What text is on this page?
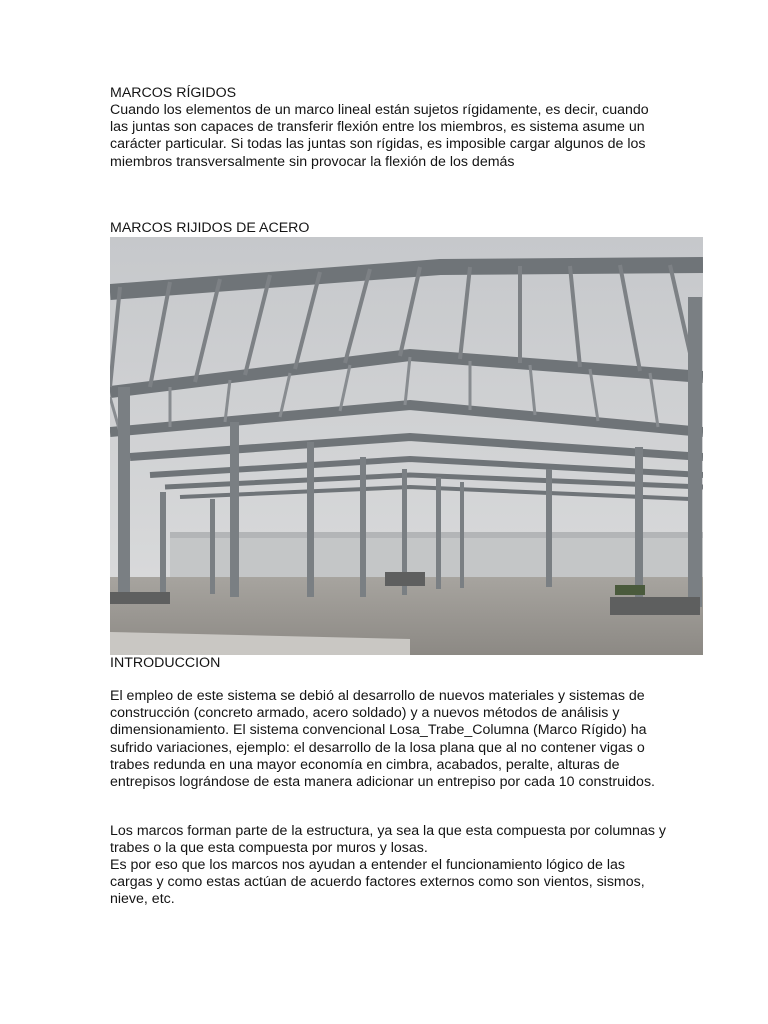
MARCOS RÍGIDOS

Cuando los elementos de un marco lineal están sujetos rígidamente, es decir, cuando las juntas son capaces de transferir flexión entre los miembros, es sistema asume un carácter particular. Si todas las juntas son rígidas, es imposible cargar algunos de los miembros transversalmente sin provocar la flexión de los demás

MARCOS RIJIDOS DE ACERO

INTRODUCCION

El empleo de este sistema se debió al desarrollo de nuevos materiales y sistemas de construcción (concreto armado, acero soldado) y a nuevos métodos de análisis y dimensionamiento. El sistema convencional Losa_Trabe_Columna (Marco Rígido) ha sufrido variaciones, ejemplo: el desarrollo de la losa plana que al no contener vigas o trabes redunda en una mayor economía en cimbra, acabados, peralte, alturas de entrepisos lográndose de esta manera adicionar un entrepiso por cada 10 construidos.

Los marcos forman parte de la estructura, ya sea la que esta compuesta por columnas y trabes o la que esta compuesta por muros y losas.

Es por eso que los marcos nos ayudan a entender el funcionamiento lógico de las cargas y como estas actúan de acuerdo factores externos como son vientos, sismos, nieve, etc.
